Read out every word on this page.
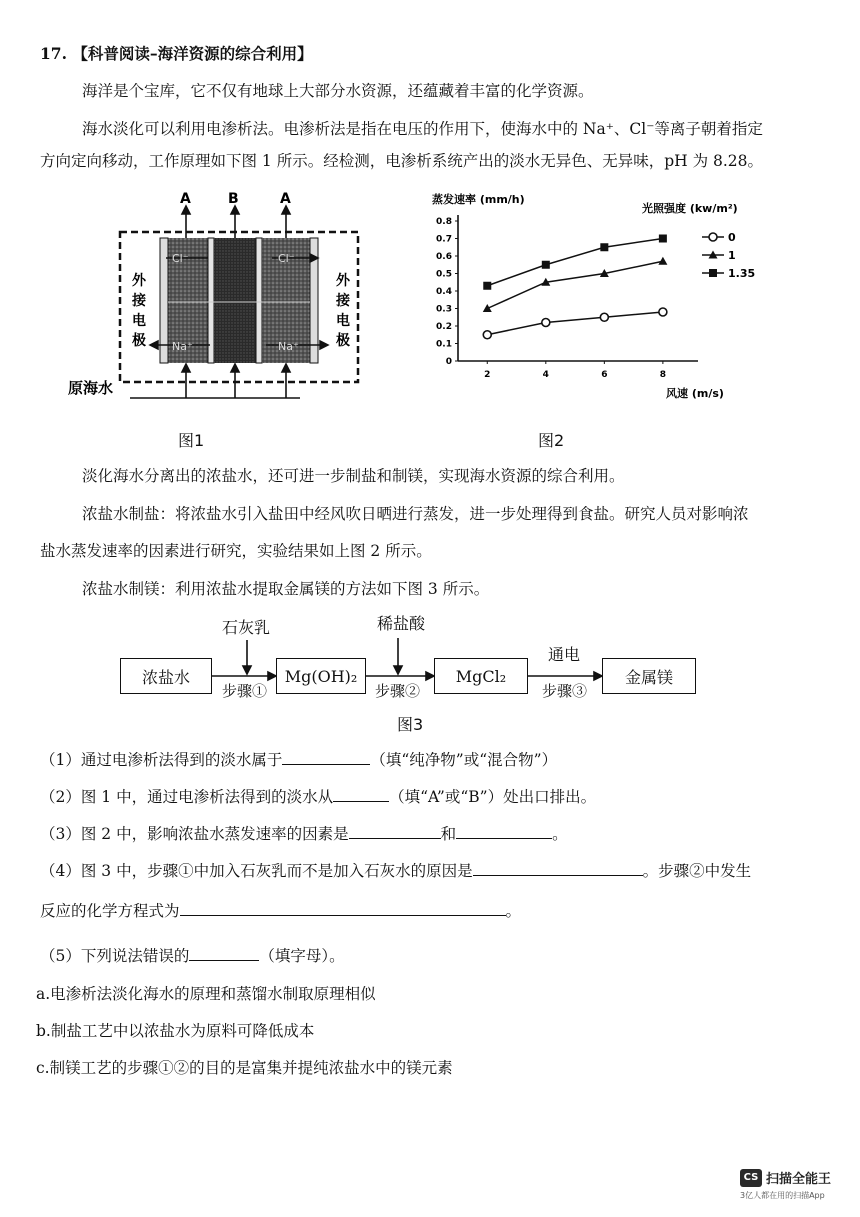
17. 【科普阅读–海洋资源的综合利用】
海洋是个宝库，它不仅有地球上大部分水资源，还蕴藏着丰富的化学资源。
海水淡化可以利用电渗析法。电渗析法是指在电压的作用下，使海水中的 Na⁺、Cl⁻等离子朝着指定
方向定向移动，工作原理如下图 1 所示。经检测，电渗析系统产出的淡水无异色、无异味，pH 为 8.28。
A	B	A
Cl⁻	Cl⁻
Na⁺	Na⁺
外
接
电
极
外
接
电
极
原海水
图1
蒸发速率 (mm/h)
光照强度 (kw/m²)
风速 (m/s)
0
0.1
0.2
0.3
0.4
0.5
0.6
0.7
0.8
2	4	6	8
0
1
1.35
图2
淡化海水分离出的浓盐水，还可进一步制盐和制镁，实现海水资源的综合利用。
浓盐水制盐：将浓盐水引入盐田中经风吹日晒进行蒸发，进一步处理得到食盐。研究人员对影响浓
盐水蒸发速率的因素进行研究，实验结果如上图 2 所示。
浓盐水制镁：利用浓盐水提取金属镁的方法如下图 3 所示。
石灰乳	稀盐酸
通电
浓盐水	Mg(OH)₂	MgCl₂	金属镁
步骤①	步骤②	步骤③
图3
（1）通过电渗析法得到的淡水属于	（填“纯净物”或“混合物”）
（2）图 1 中，通过电渗析法得到的淡水从	（填“A”或“B”）处出口排出。
（3）图 2 中，影响浓盐水蒸发速率的因素是	和	。
（4）图 3 中，步骤①中加入石灰乳而不是加入石灰水的原因是	。步骤②中发生
反应的化学方程式为	。
（5）下列说法错误的	（填字母）。
a.电渗析法淡化海水的原理和蒸馏水制取原理相似
b.制盐工艺中以浓盐水为原料可降低成本
c.制镁工艺的步骤①②的目的是富集并提纯浓盐水中的镁元素
CS 扫描全能王
3亿人都在用的扫描App
